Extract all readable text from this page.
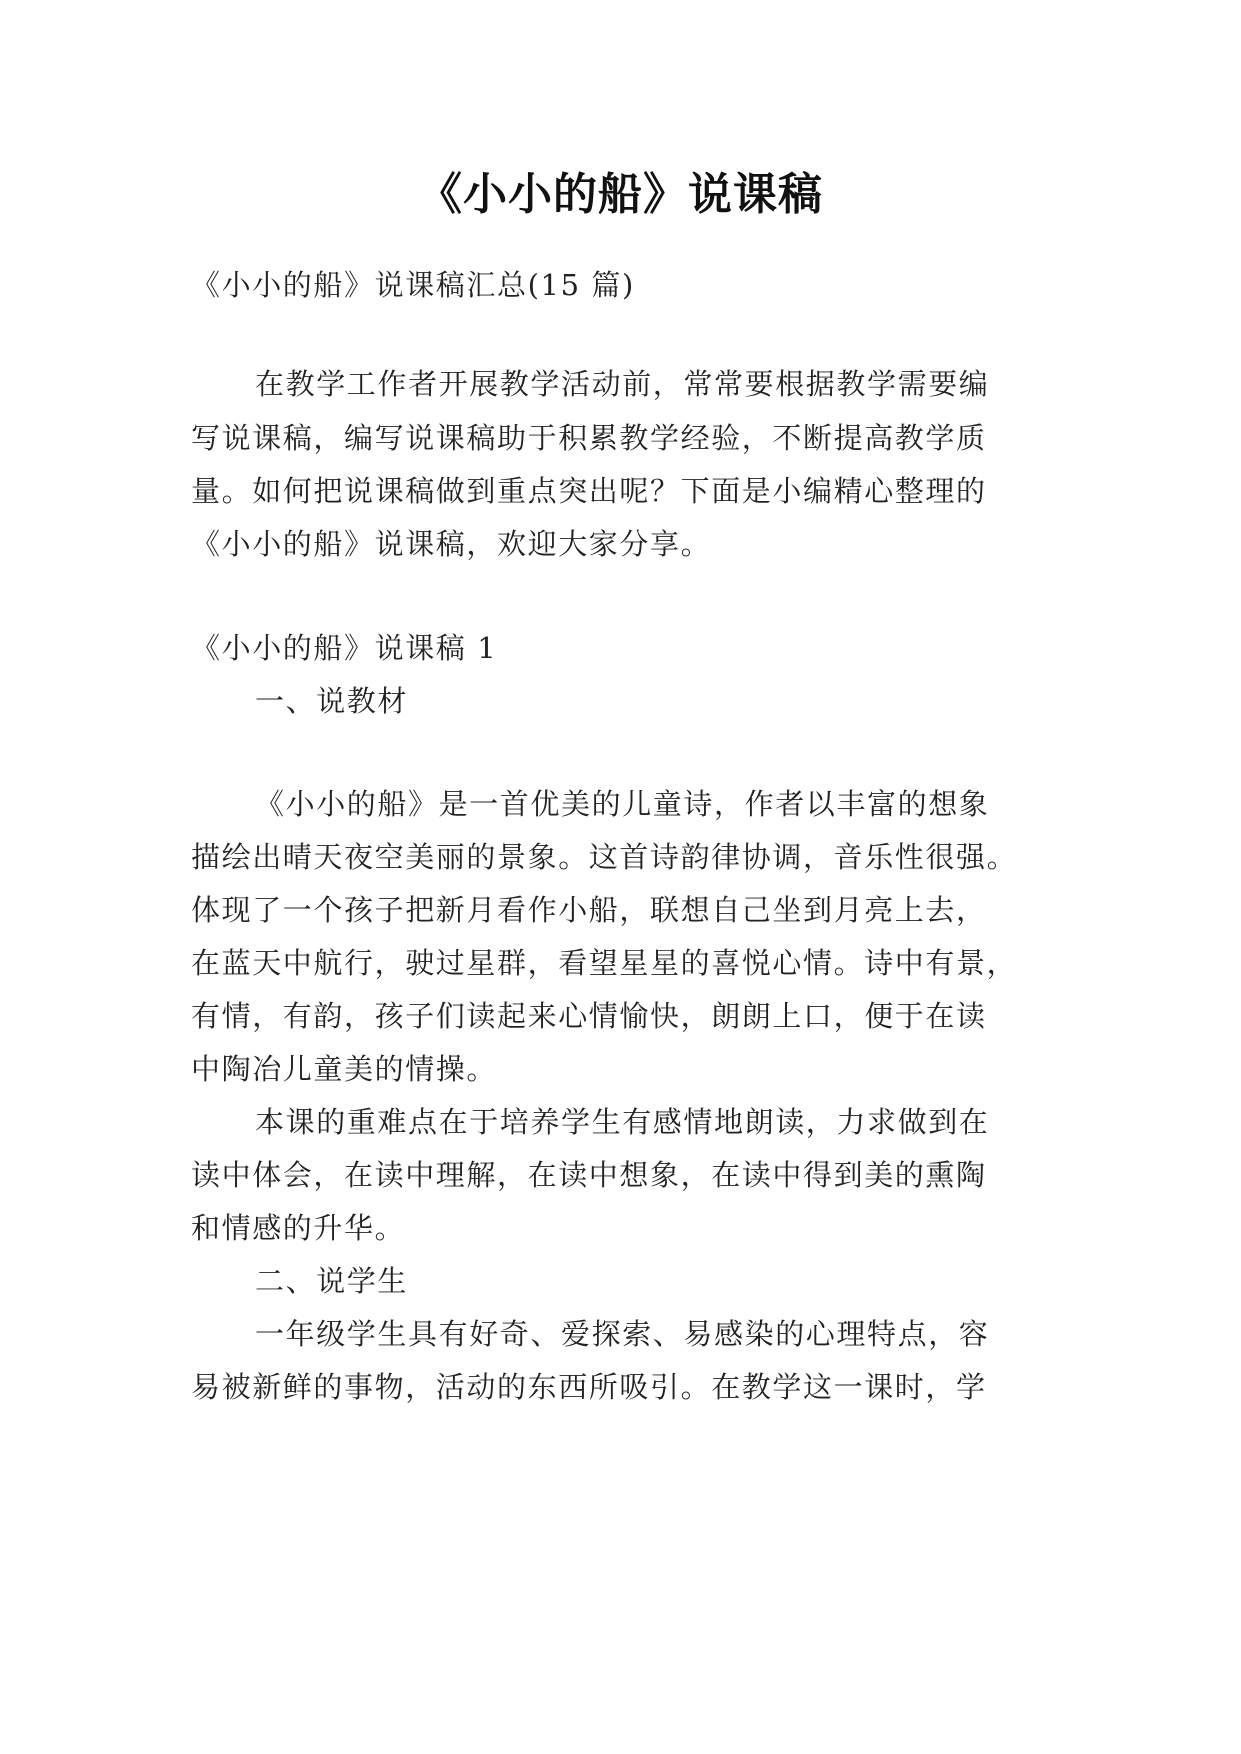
《小小的船》说课稿
《小小的船》说课稿汇总(15 篇)
在教学工作者开展教学活动前，常常要根据教学需要编
写说课稿，编写说课稿助于积累教学经验，不断提高教学质
量。如何把说课稿做到重点突出呢？下面是小编精心整理的
《小小的船》说课稿，欢迎大家分享。
《小小的船》说课稿 1
一、说教材
《小小的船》是一首优美的儿童诗，作者以丰富的想象
描绘出晴天夜空美丽的景象。这首诗韵律协调，音乐性很强。
体现了一个孩子把新月看作小船，联想自己坐到月亮上去，
在蓝天中航行，驶过星群，看望星星的喜悦心情。诗中有景，
有情，有韵，孩子们读起来心情愉快，朗朗上口，便于在读
中陶冶儿童美的情操。
本课的重难点在于培养学生有感情地朗读，力求做到在
读中体会，在读中理解，在读中想象，在读中得到美的熏陶
和情感的升华。
二、说学生
一年级学生具有好奇、爱探索、易感染的心理特点，容
易被新鲜的事物，活动的东西所吸引。在教学这一课时，学
